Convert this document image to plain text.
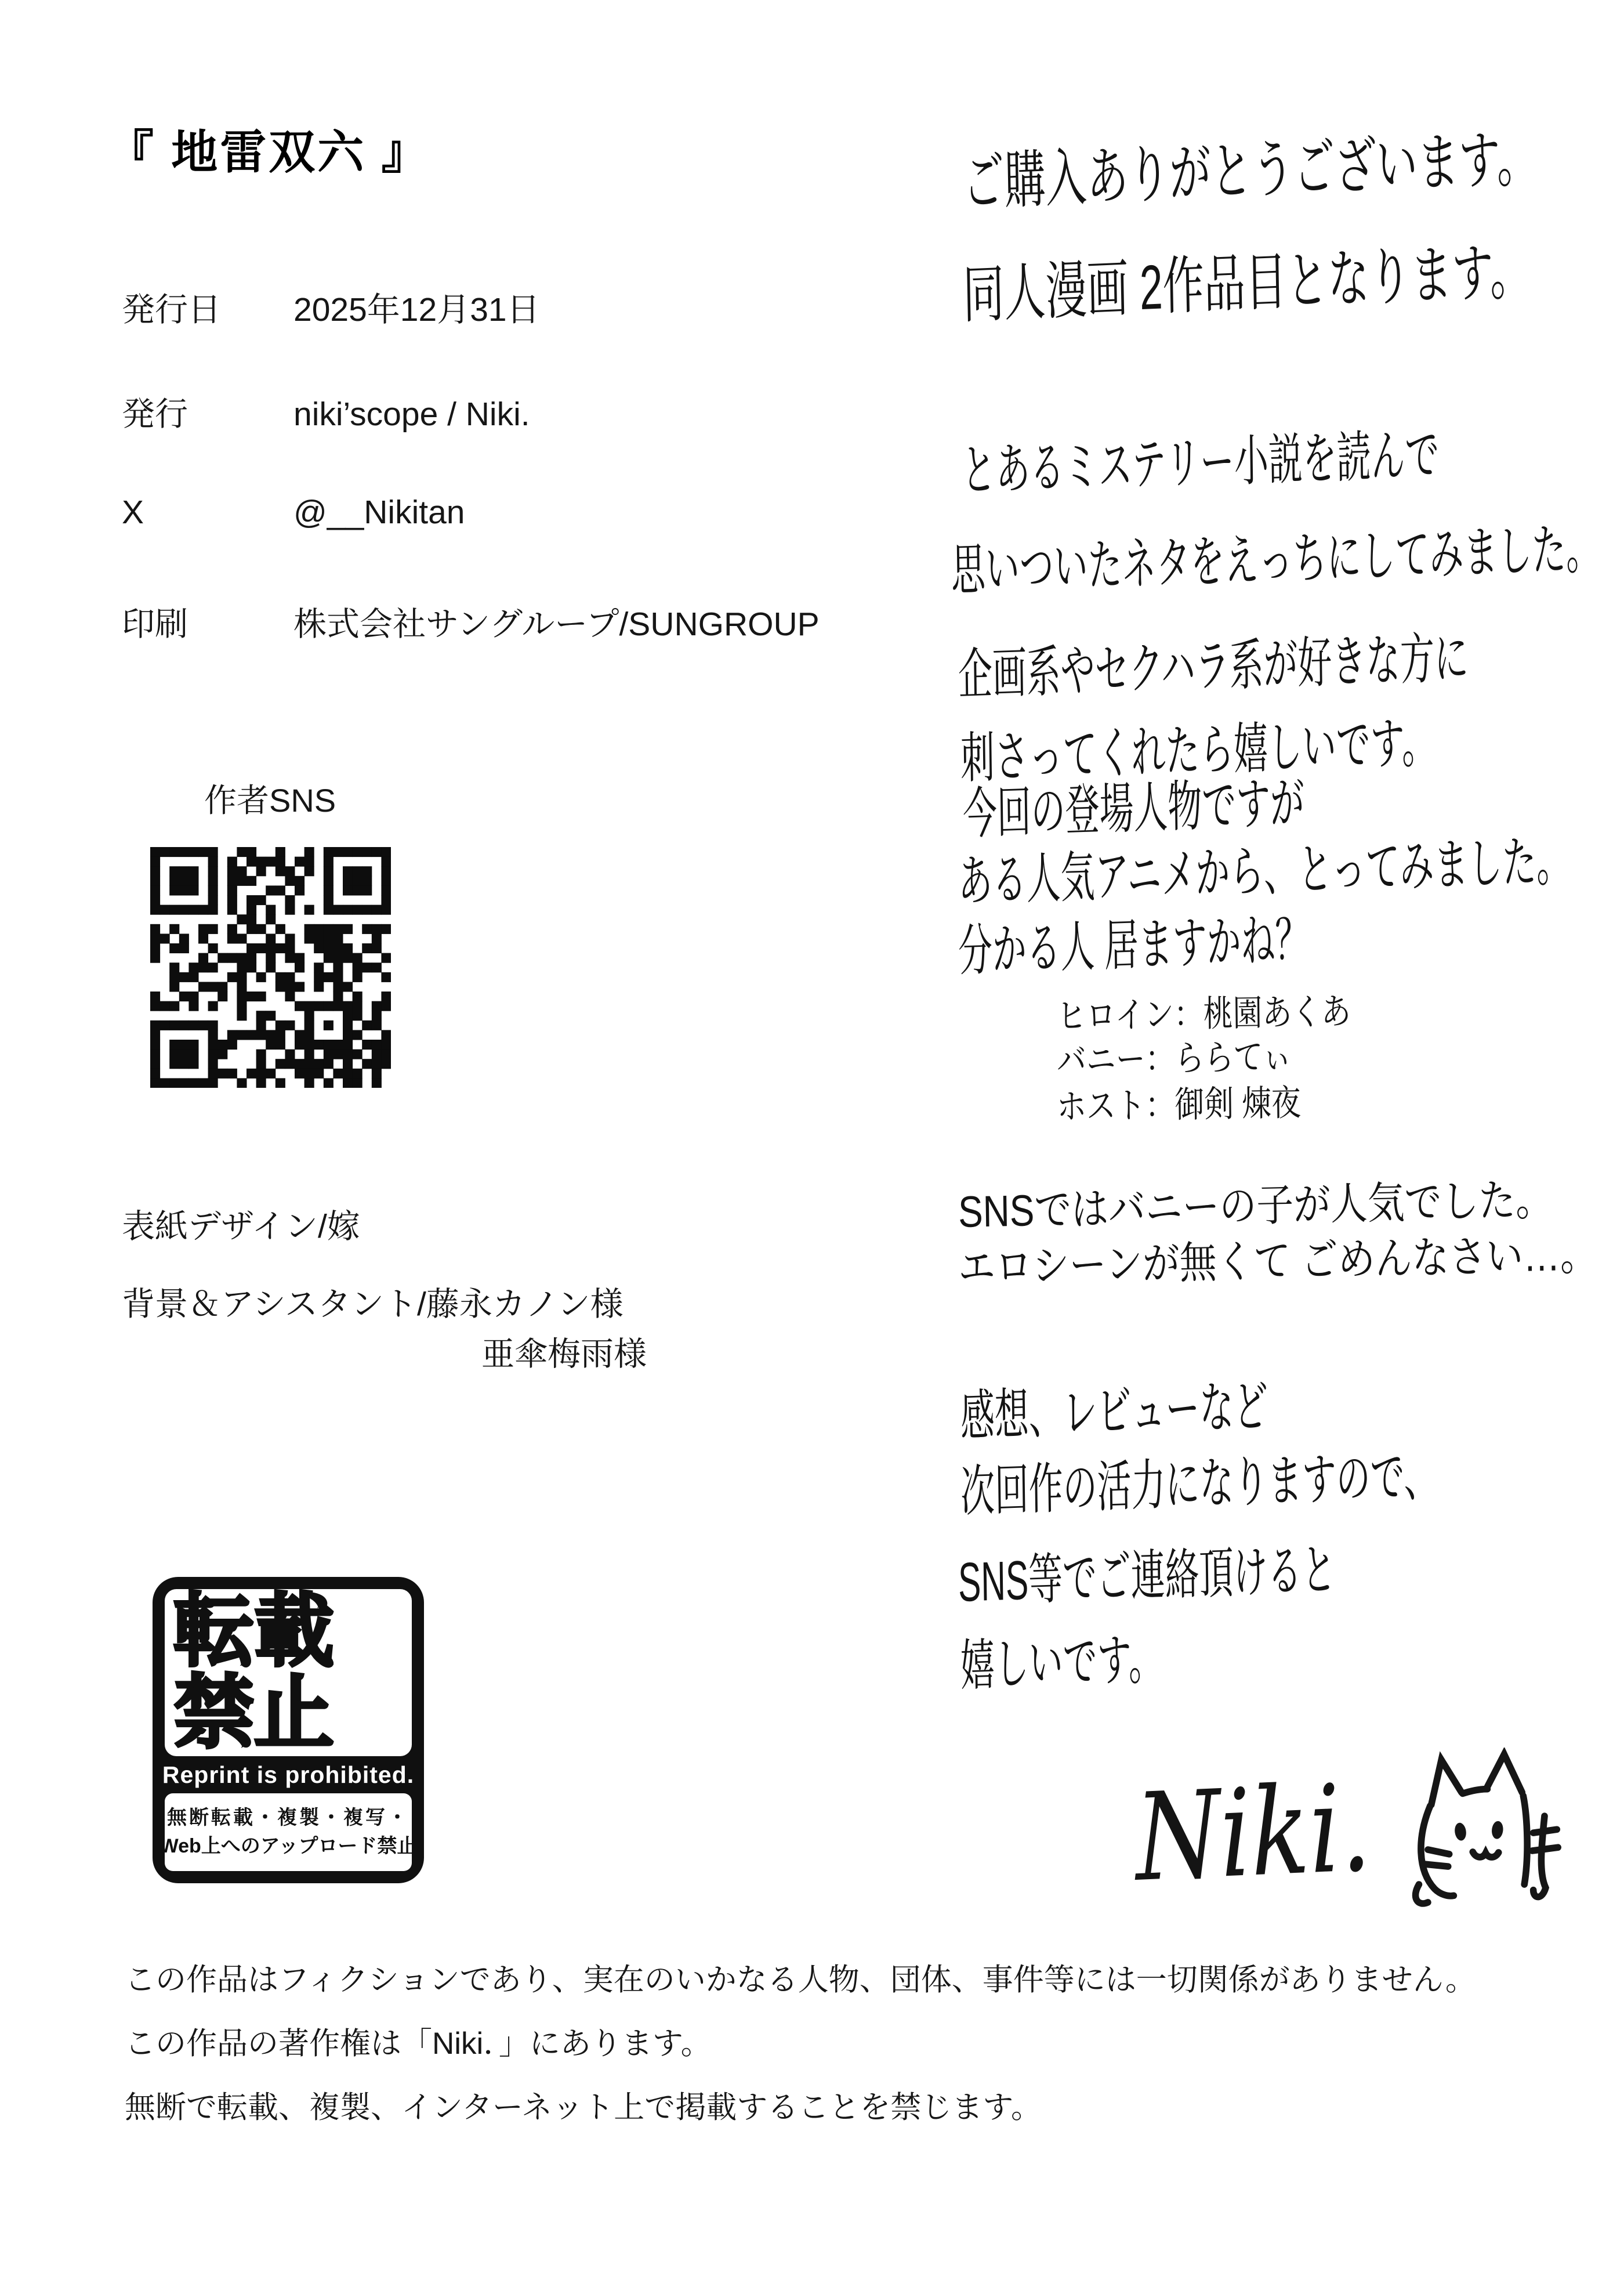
『 地雷双六 』
発行日 2025年12月31日
発行	niki’scope / Niki.
X	@__Nikitan
印刷	株式会社サングループ/SUNGROUP
作者SNS
表紙デザイン/嫁
背景＆アシスタント/藤永カノン様
亜傘梅雨様
転載
禁止
Reprint is prohibited.
無断転載・複製・複写・
Web上へのアップロード禁止
この作品はフィクションであり、実在のいかなる人物、団体、事件等には一切関係がありません。
この作品の著作権は「Niki．」にあります。
無断で転載、複製、インターネット上で掲載することを禁じます。
ご購入ありがとうございます。
同人漫画 2作品目となります。
とあるミステリー小説を読んで
思いついたネタをえっちにしてみました。
企画系やセクハラ系が好きな方に
刺さってくれたら嬉しいです。
今回の登場人物ですが
ある人気アニメから、とってみました。
分かる人 居ますかね？
ヒロイン：桃園あくあ
バニー：ららてぃ
ホスト：御剣 煉夜
SNSではバニーの子が人気でした。
エロシーンが無くて ごめんなさい…。
感想、レビューなど
次回作の活力になりますので、
SNS等でご連絡頂けると
嬉しいです。
Niki.
